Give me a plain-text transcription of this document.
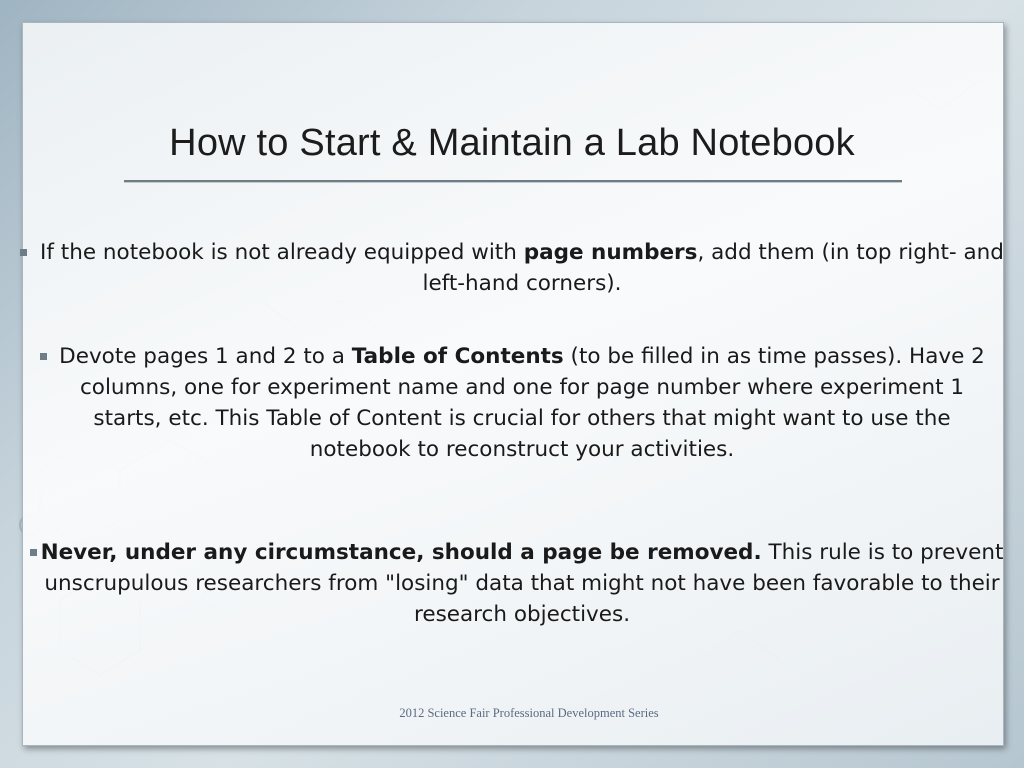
How to Start & Maintain a Lab Notebook
If the notebook is not already equipped with page numbers, add them (in top right- and left-hand corners).
Devote pages 1 and 2 to a Table of Contents (to be filled in as time passes). Have 2 columns, one for experiment name and one for page number where experiment 1 starts, etc. This Table of Content is crucial for others that might want to use the notebook to reconstruct your activities.
Never, under any circumstance, should a page be removed. This rule is to prevent unscrupulous researchers from "losing" data that might not have been favorable to their research objectives.
2012 Science Fair Professional Development Series
